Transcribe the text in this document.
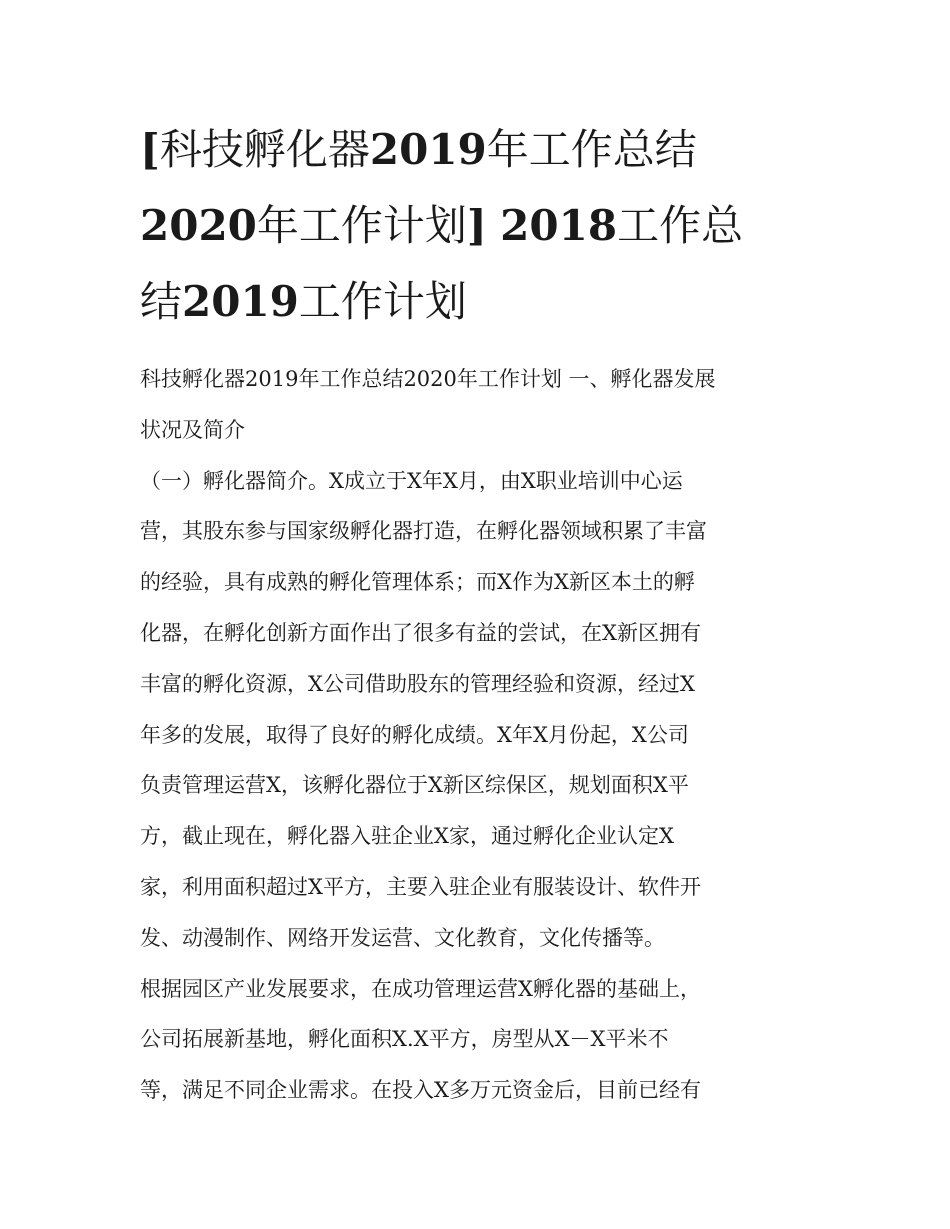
[科技孵化器2019年工作总结
2020年工作计划] 2018工作总
结2019工作计划
科技孵化器2019年工作总结2020年工作计划 一、孵化器发展
状况及简介
（一）孵化器简介。X成立于X年X月，由X职业培训中心运
营，其股东参与国家级孵化器打造，在孵化器领域积累了丰富
的经验，具有成熟的孵化管理体系；而X作为X新区本土的孵
化器，在孵化创新方面作出了很多有益的尝试，在X新区拥有
丰富的孵化资源，X公司借助股东的管理经验和资源，经过X
年多的发展，取得了良好的孵化成绩。X年X月份起，X公司
负责管理运营X，该孵化器位于X新区综保区，规划面积X平
方，截止现在，孵化器入驻企业X家，通过孵化企业认定X
家，利用面积超过X平方，主要入驻企业有服装设计、软件开
发、动漫制作、网络开发运营、文化教育，文化传播等。
根据园区产业发展要求，在成功管理运营X孵化器的基础上，
公司拓展新基地，孵化面积X.X平方，房型从X－X平米不
等，满足不同企业需求。在投入X多万元资金后，目前已经有
